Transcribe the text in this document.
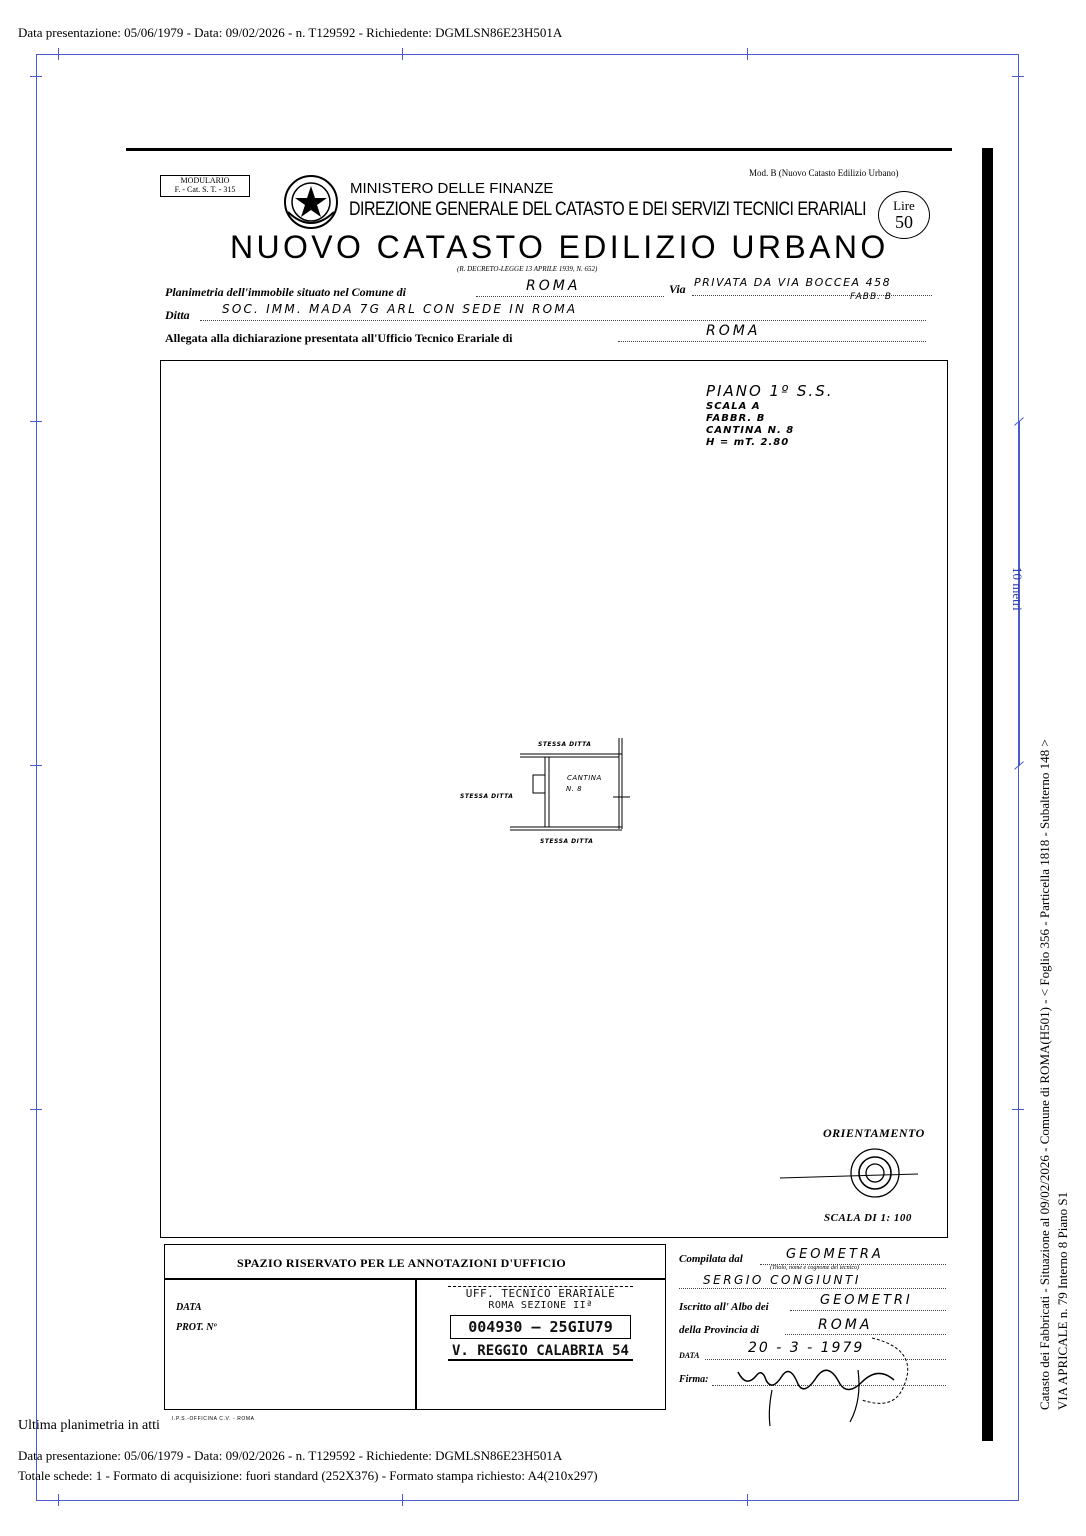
Data presentazione: 05/06/1979 - Data: 09/02/2026 - n. T129592 - Richiedente: DGMLSN86E23H501A
10 metri
Catasto dei Fabbricati - Situazione al 09/02/2026 - Comune di ROMA(H501) - < Foglio 356 - Particella 1818 - Subalterno 148 > VIA APRICALE n. 79 Interno 8 Piano S1
MODULARIO
F. - Cat. S. T. - 315
Mod. B (Nuovo Catasto Edilizio Urbano)
MINISTERO DELLE FINANZE
DIREZIONE GENERALE DEL CATASTO E DEI SERVIZI TECNICI ERARIALI	Lire
50
NUOVO CATASTO EDILIZIO URBANO
(R. DECRETO-LEGGE 13 APRILE 1939, N. 652)
Planimetria dell'immobile situato nel Comune di	ROMA	Via PRIVATA DA VIA BOCCEA 458
FABB. B
Ditta	SOC. IMM. MADA 7G ARL CON SEDE IN ROMA
Allegata alla dichiarazione presentata all'Ufficio Tecnico Erariale di	ROMA
PIANO 1º S.S.
SCALA A
FABBR. B
CANTINA N. 8
H = mT. 2.80
STESSA DITTA
STESSA DITTA
STESSA DITTA
CANTINA
N. 8
ORIENTAMENTO
SCALA DI 1: 100
SPAZIO RISERVATO PER LE ANNOTAZIONI D'UFFICIO
DATA
PROT. Nº
UFF. TECNICO ERARIALE
ROMA SEZIONE IIª
004930 — 25GIU79
V. REGGIO CALABRIA 54
Compilata dal	GEOMETRA
(Titolo, nome e cognome del tecnico)
SERGIO CONGIUNTI
Iscritto all' Albo dei	GEOMETRI
della Provincia di	ROMA
DATA	20 - 3 - 1979
Firma:
I.P.S.-OFFICINA C.V. - ROMA
Ultima planimetria in atti
Data presentazione: 05/06/1979 - Data: 09/02/2026 - n. T129592 - Richiedente: DGMLSN86E23H501A
Totale schede: 1 - Formato di acquisizione: fuori standard (252X376) - Formato stampa richiesto: A4(210x297)
